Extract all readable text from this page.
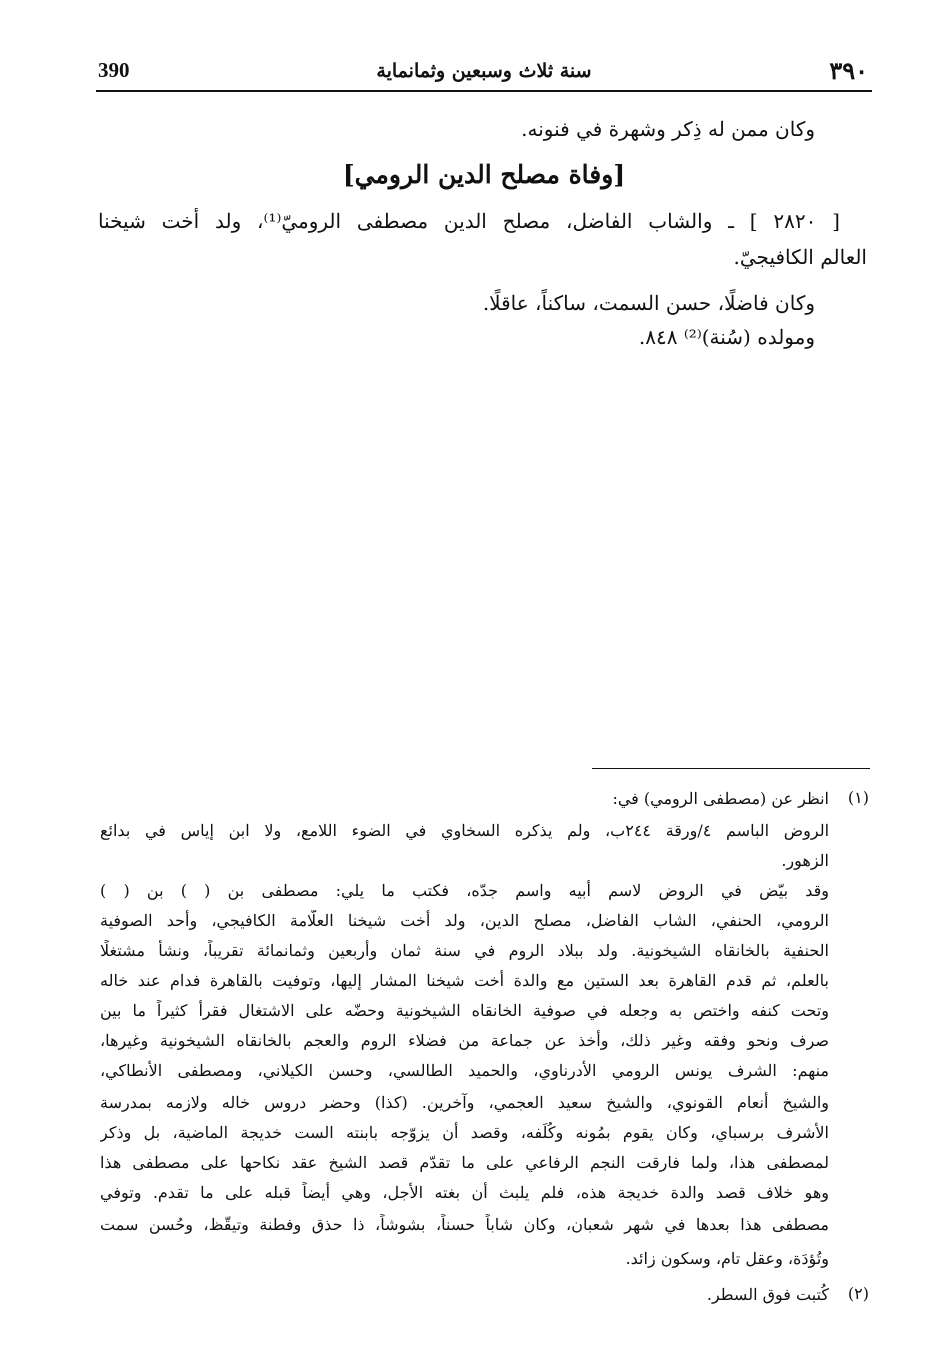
390	سنة ثلاث وسبعين وثمانماية	٣٩٠
وكان ممن له ذِكر وشهرة في فنونه.
[وفاة مصلح الدين الرومي]
[ ٢٨٢٠ ] ـ والشاب الفاضل، مصلح الدين مصطفى الروميّ⁽¹⁾، ولد أخت شيخنا
العالم الكافيجيّ.
وكان فاضلًا، حسن السمت، ساكناً، عاقلًا.
ومولده (سُنة)⁽²⁾ ٨٤٨.
(١)
انظر عن (مصطفى الرومي) في:
الروض الباسم ٤/ورقة ٢٤٤ب، ولم يذكره السخاوي في الضوء اللامع، ولا ابن إياس في بدائع
الزهور.
وقد بيّض في الروض لاسم أبيه واسم جدّه، فكتب ما يلي: مصطفى بن ( ) بن ( )
الرومي، الحنفي، الشاب الفاضل، مصلح الدين، ولد أخت شيخنا العلّامة الكافيجي، وأحد الصوفية
الحنفية بالخانقاه الشيخونية. ولد ببلاد الروم في سنة ثمان وأربعين وثمانمائة تقريباً، ونشأ مشتغلًا
بالعلم، ثم قدم القاهرة بعد الستين مع والدة أخت شيخنا المشار إليها، وتوفيت بالقاهرة فدام عند خاله
وتحت كنفه واختص به وجعله في صوفية الخانقاه الشيخونية وحضّه على الاشتغال فقرأ كثيراً ما بين
صرف ونحو وفقه وغير ذلك، وأخذ عن جماعة من فضلاء الروم والعجم بالخانقاه الشيخونية وغيرها،
منهم: الشرف يونس الرومي الأدرناوي، والحميد الطالسي، وحسن الكيلاني، ومصطفى الأنطاكي،
والشيخ أنعام القونوي، والشيخ سعيد العجمي، وآخرين. (كذا) وحضر دروس خاله ولازمه بمدرسة
الأشرف برسباي، وكان يقوم بمُونه وكُلَفه، وقصد أن يزوّجه بابنته الست خديجة الماضية، بل وذكر
لمصطفى هذا، ولما فارقت النجم الرفاعي على ما تقدّم قصد الشيخ عقد نكاحها على مصطفى هذا
وهو خلاف قصد والدة خديجة هذه، فلم يلبث أن بغته الأجل، وهي أيضاً قبله على ما تقدم. وتوفي
مصطفى هذا بعدها في شهر شعبان، وكان شاباً حسناً، بشوشاً، ذا حذق وفطنة وتيقّظ، وحُسن سمت
وتُؤدَة، وعقل تام، وسكون زائد.
(٢)
كُتبت فوق السطر.
